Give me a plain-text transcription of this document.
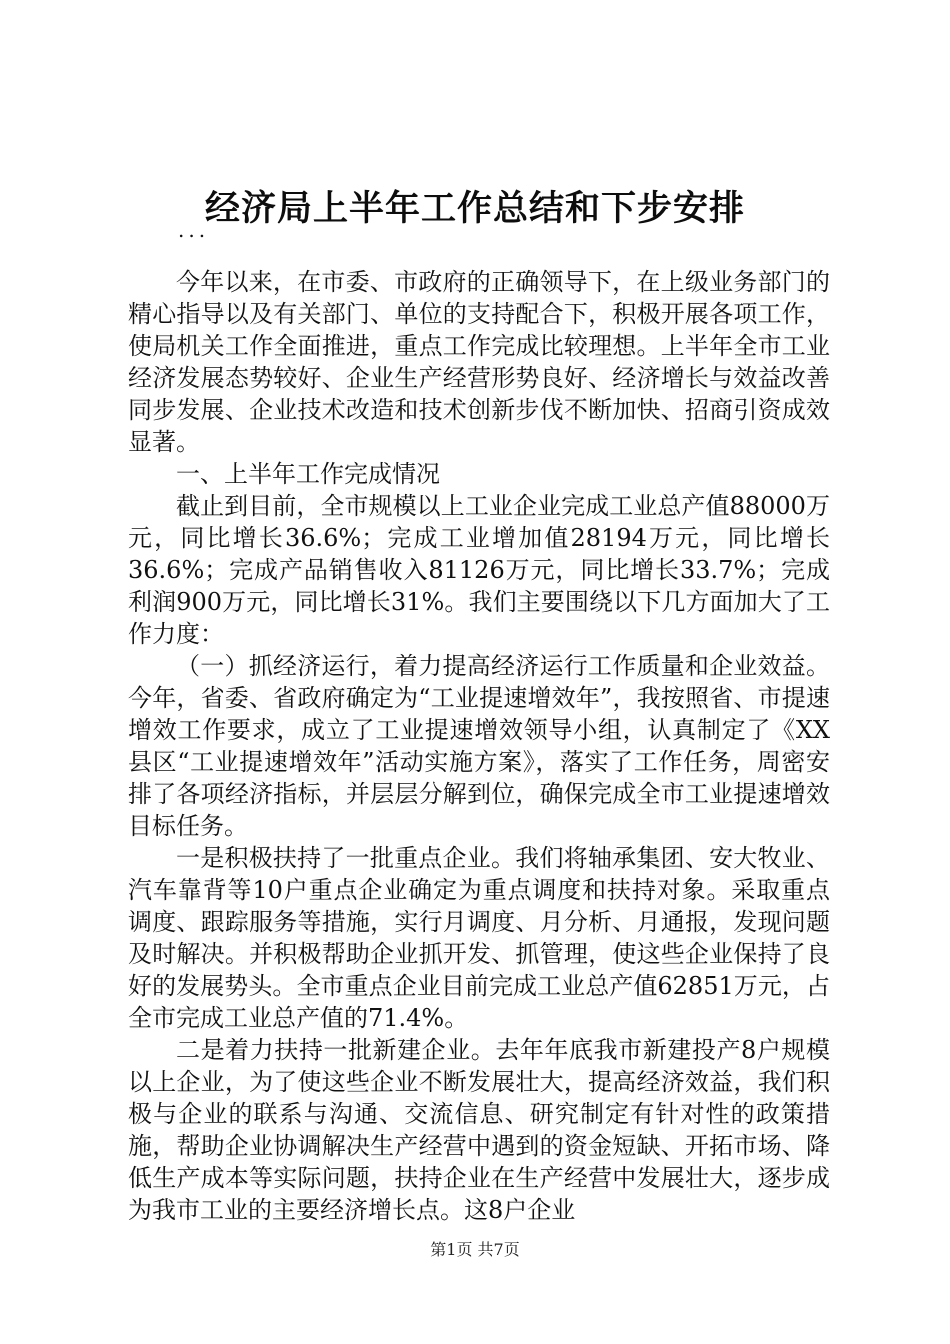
经济局上半年工作总结和下步安排
...

今年以来，在市委、市政府的正确领导下，在上级业务部门的精心指导以及有关部门、单位的支持配合下，积极开展各项工作，使局机关工作全面推进，重点工作完成比较理想。上半年全市工业经济发展态势较好、企业生产经营形势良好、经济增长与效益改善同步发展、企业技术改造和技术创新步伐不断加快、招商引资成效显著。

一、上半年工作完成情况

截止到目前，全市规模以上工业企业完成工业总产值88000万元，同比增长36.6%；完成工业增加值28194万元，同比增长36.6%；完成产品销售收入81126万元，同比增长33.7%；完成利润900万元，同比增长31%。我们主要围绕以下几方面加大了工作力度：

（一）抓经济运行，着力提高经济运行工作质量和企业效益。今年，省委、省政府确定为“工业提速增效年”，我按照省、市提速增效工作要求，成立了工业提速增效领导小组，认真制定了《XX县区“工业提速增效年”活动实施方案》，落实了工作任务，周密安排了各项经济指标，并层层分解到位，确保完成全市工业提速增效目标任务。

一是积极扶持了一批重点企业。我们将轴承集团、安大牧业、汽车靠背等10户重点企业确定为重点调度和扶持对象。采取重点调度、跟踪服务等措施，实行月调度、月分析、月通报，发现问题及时解决。并积极帮助企业抓开发、抓管理，使这些企业保持了良好的发展势头。全市重点企业目前完成工业总产值62851万元，占全市完成工业总产值的71.4%。

二是着力扶持一批新建企业。去年年底我市新建投产8户规模以上企业，为了使这些企业不断发展壮大，提高经济效益，我们积极与企业的联系与沟通、交流信息、研究制定有针对性的政策措施，帮助企业协调解决生产经营中遇到的资金短缺、开拓市场、降低生产成本等实际问题，扶持企业在生产经营中发展壮大，逐步成为我市工业的主要经济增长点。这8户企业

第1页 共7页
